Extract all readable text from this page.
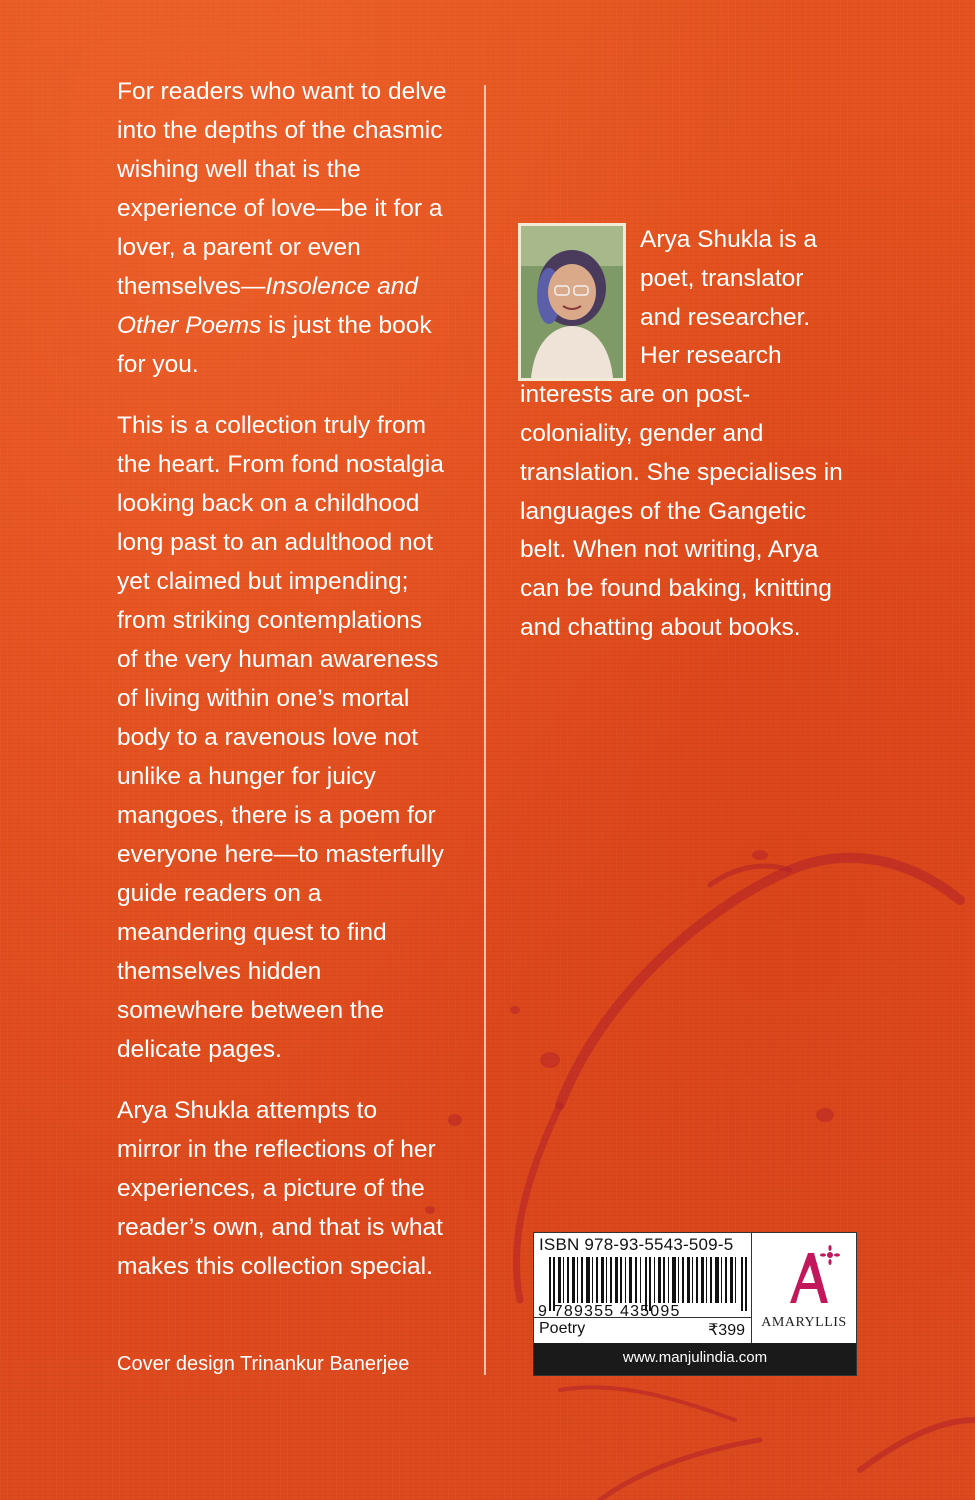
For readers who want to delve into the depths of the chasmic wishing well that is the experience of love—be it for a lover, a parent or even themselves—Insolence and Other Poems is just the book for you.

This is a collection truly from the heart. From fond nostalgia looking back on a childhood long past to an adulthood not yet claimed but impending; from striking contemplations of the very human awareness of living within one’s mortal body to a ravenous love not unlike a hunger for juicy mangoes, there is a poem for everyone here—to masterfully guide readers on a meandering quest to find themselves hidden somewhere between the delicate pages.

Arya Shukla attempts to mirror in the reflections of her experiences, a picture of the reader’s own, and that is what makes this collection special.

Cover design Trinankur Banerjee
Arya Shukla is a poet, translator and researcher. Her research interests are on post-coloniality, gender and translation. She specialises in languages of the Gangetic belt. When not writing, Arya can be found baking, knitting and chatting about books.
ISBN 978-93-5543-509-5
9 789355 435095
Poetry	₹399	AMARYLLIS
www.manjulindia.com
